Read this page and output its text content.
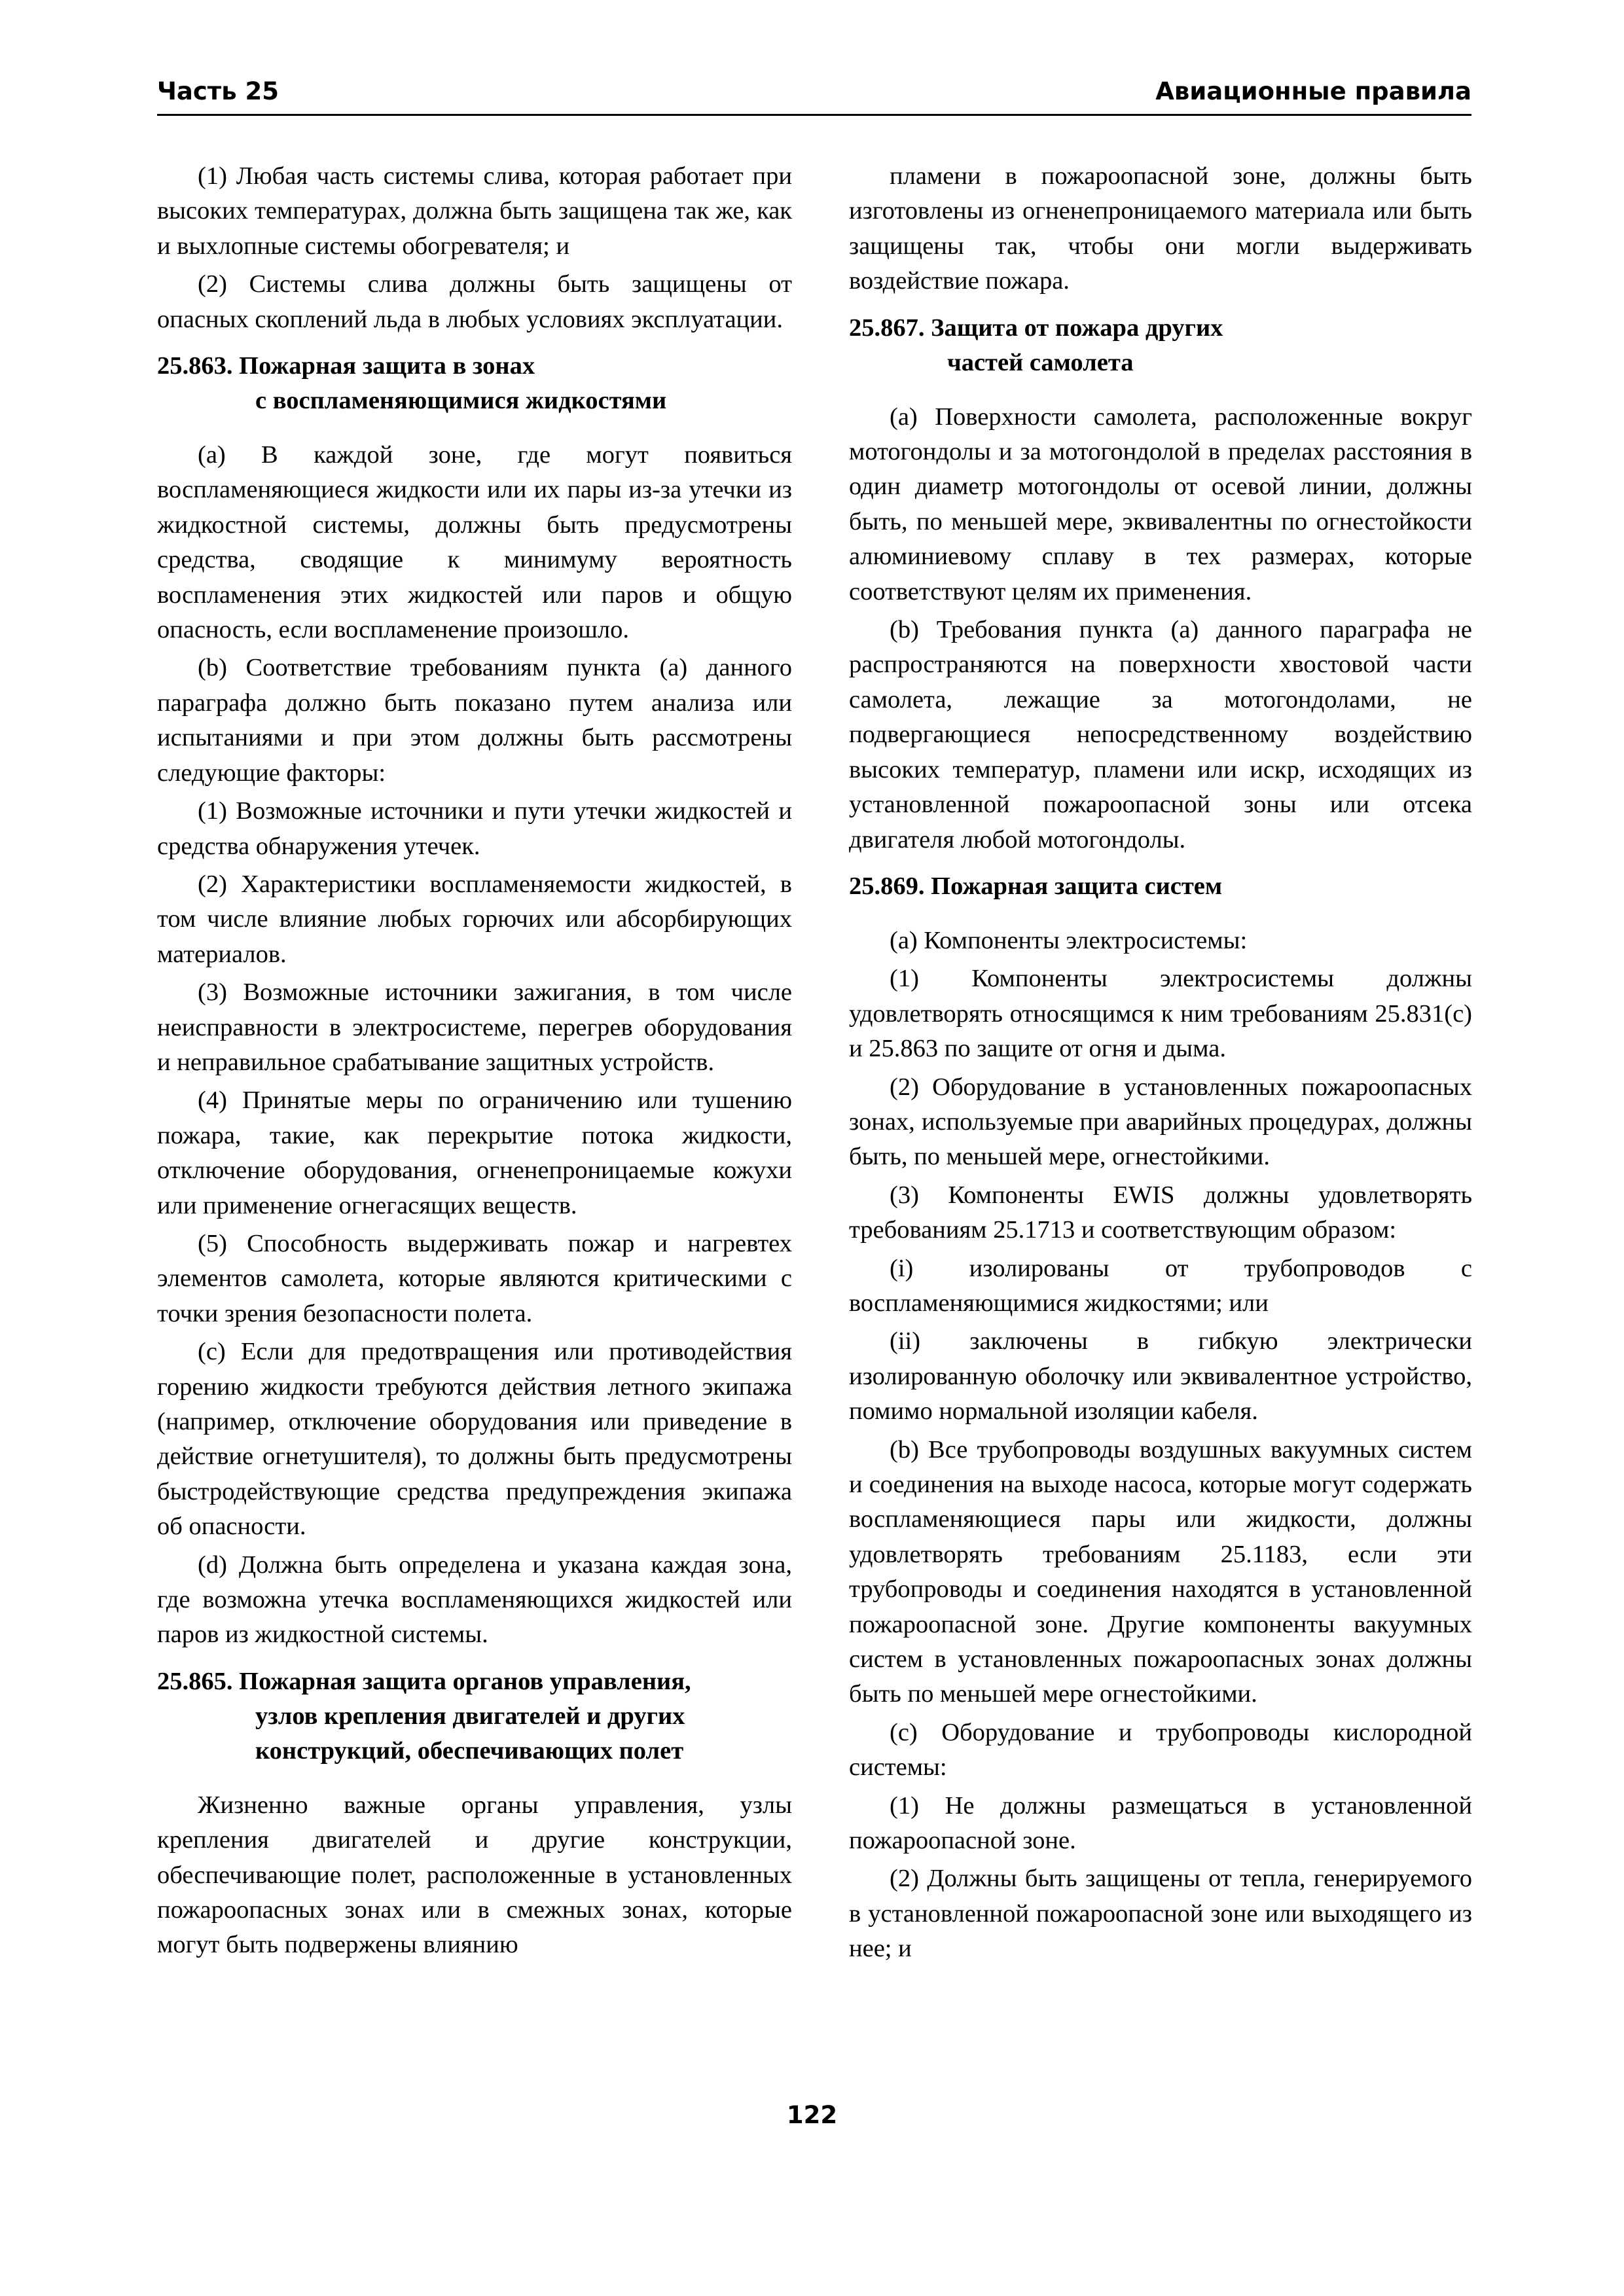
Часть 25	Авиационные правила

(1) Любая часть системы слива, которая работает при высоких температурах, должна быть защищена так же, как и выхлопные системы обогревателя; и

(2) Системы слива должны быть защищены от опасных скоплений льда в любых условиях эксплуатации.

25.863. Пожарная защита в зонах
с воспламеняющимися жидкостями

(а) В каждой зоне, где могут появиться воспламеняющиеся жидкости или их пары из-за утечки из жидкостной системы, должны быть предусмотрены средства, сводящие к минимуму вероятность воспламенения этих жидкостей или паров и общую опасность, если воспламенение произошло.

(b) Соответствие требованиям пункта (а) данного параграфа должно быть показано путем анализа или испытаниями и при этом должны быть рассмотрены следующие факторы:

(1) Возможные источники и пути утечки жидкостей и средства обнаружения утечек.

(2) Характеристики воспламеняемости жидкостей, в том числе влияние любых горючих или абсорбирующих материалов.

(3) Возможные источники зажигания, в том числе неисправности в электросистеме, перегрев оборудования и неправильное срабатывание защитных устройств.

(4) Принятые меры по ограничению или тушению пожара, такие, как перекрытие потока жидкости, отключение оборудования, огненепроницаемые кожухи или применение огнегасящих веществ.

(5) Способность выдерживать пожар и нагревтех элементов самолета, которые являются критическими с точки зрения безопасности полета.

(с) Если для предотвращения или противодействия горению жидкости требуются действия летного экипажа (например, отключение оборудования или приведение в действие огнетушителя), то должны быть предусмотрены быстродействующие средства предупреждения экипажа об опасности.

(d) Должна быть определена и указана каждая зона, где возможна утечка воспламеняющихся жидкостей или паров из жидкостной системы.

25.865. Пожарная защита органов управления,
узлов крепления двигателей и других
конструкций, обеспечивающих полет

Жизненно важные органы управления, узлы крепления двигателей и другие конструкции, обеспечивающие полет, расположенные в установленных пожароопасных зонах или в смежных зонах, которые могут быть подвержены влиянию

пламени в пожароопасной зоне, должны быть изготовлены из огненепроницаемого материала или быть защищены так, чтобы они могли выдерживать воздействие пожара.

25.867. Защита от пожара других
частей самолета

(а) Поверхности самолета, расположенные вокруг мотогондолы и за мотогондолой в пределах расстояния в один диаметр мотогондолы от осевой линии, должны быть, по меньшей мере, эквивалентны по огнестойкости алюминиевому сплаву в тех размерах, которые соответствуют целям их применения.

(b) Требования пункта (а) данного параграфа не распространяются на поверхности хвостовой части самолета, лежащие за мотогондолами, не подвергающиеся непосредственному воздействию высоких температур, пламени или искр, исходящих из установленной пожароопасной зоны или отсека двигателя любой мотогондолы.

25.869. Пожарная защита систем

(а) Компоненты электросистемы:

(1) Компоненты электросистемы должны удовлетворять относящимся к ним требованиям 25.831(c) и 25.863 по защите от огня и дыма.

(2) Оборудование в установленных пожароопасных зонах, используемые при аварийных процедурах, должны быть, по меньшей мере, огнестойкими.

(3) Компоненты EWIS должны удовлетворять требованиям 25.1713 и соответствующим образом:

(i) изолированы от трубопроводов с воспламеняющимися жидкостями; или

(ii) заключены в гибкую электрически изолированную оболочку или эквивалентное устройство, помимо нормальной изоляции кабеля.

(b) Все трубопроводы воздушных вакуумных систем и соединения на выходе насоса, которые могут содержать воспламеняющиеся пары или жидкости, должны удовлетворять требованиям 25.1183, если эти трубопроводы и соединения находятся в установленной пожароопасной зоне. Другие компоненты вакуумных систем в установленных пожароопасных зонах должны быть по меньшей мере огнестойкими.

(с) Оборудование и трубопроводы кислородной системы:

(1) Не должны размещаться в установленной пожароопасной зоне.

(2) Должны быть защищены от тепла, генерируемого в установленной пожароопасной зоне или выходящего из нее; и

122
